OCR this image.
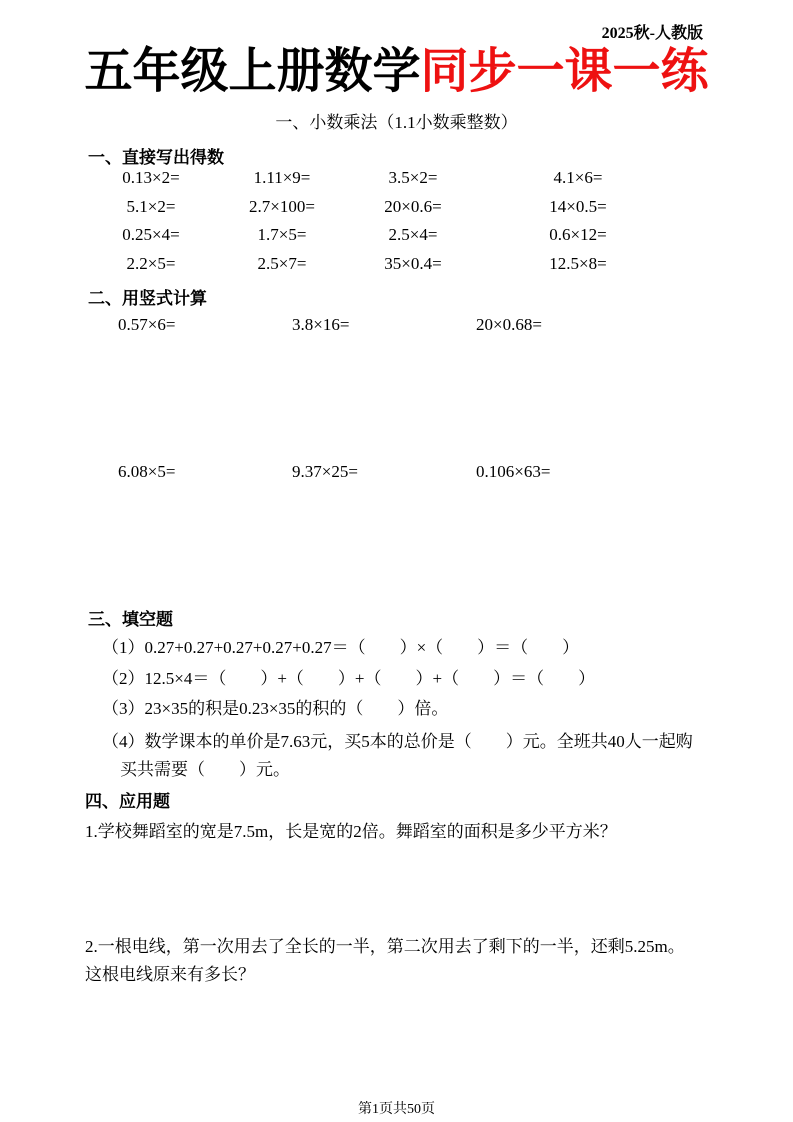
2025秋-人教版
五年级上册数学同步一课一练
一、小数乘法（1.1小数乘整数）
一、直接写出得数
0.13×2=	1.11×9=	3.5×2=	4.1×6=
5.1×2=	2.7×100=	20×0.6=	14×0.5=
0.25×4=	1.7×5=	2.5×4=	0.6×12=
2.2×5=	2.5×7=	35×0.4=	12.5×8=
二、用竖式计算
0.57×6=	3.8×16=	20×0.68=
6.08×5=	9.37×25=	0.106×63=
三、填空题
（1）0.27+0.27+0.27+0.27+0.27＝（　　）×（　　）＝（　　）
（2）12.5×4＝（　　）+（　　）+（　　）+（　　）＝（　　）
（3）23×35的积是0.23×35的积的（　　）倍。
（4）数学课本的单价是7.63元，买5本的总价是（　　）元。全班共40人一起购
买共需要（　　）元。
四、应用题
1.学校舞蹈室的宽是7.5m，长是宽的2倍。舞蹈室的面积是多少平方米？
2.一根电线，第一次用去了全长的一半，第二次用去了剩下的一半，还剩5.25m。
这根电线原来有多长？
第1页共50页
